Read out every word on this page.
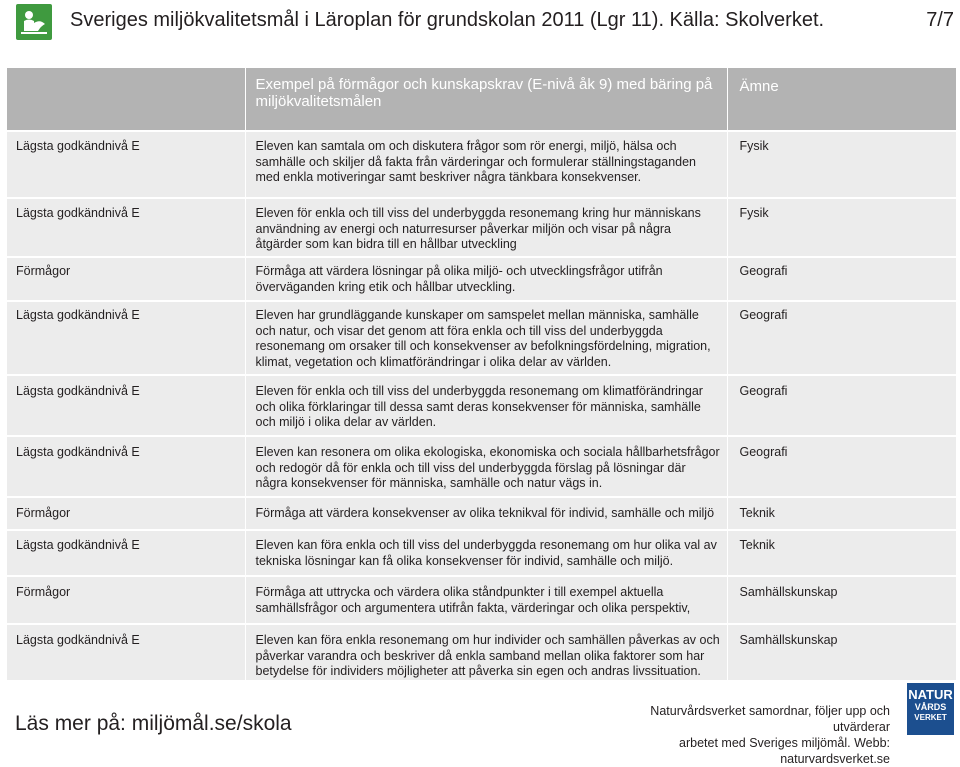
Sveriges miljökvalitetsmål i Läroplan för grundskolan 2011 (Lgr 11). Källa: Skolverket.	7/7
	Exempel på förmågor och kunskapskrav (E-nivå åk 9) med bäring på miljökvalitetsmålen	Ämne
Lägsta godkändnivå E	Eleven kan samtala om och diskutera frågor som rör energi, miljö, hälsa och samhälle och skiljer då fakta från värderingar och formulerar ställningstaganden med enkla motiveringar samt beskriver några tänkbara konsekvenser.	Fysik
Lägsta godkändnivå E	Eleven för enkla och till viss del underbyggda resonemang kring hur människans användning av energi och naturresurser påverkar miljön och visar på några åtgärder som kan bidra till en hållbar utveckling	Fysik
Förmågor	Förmåga att värdera lösningar på olika miljö- och utvecklingsfrågor utifrån överväganden kring etik och hållbar utveckling.	Geografi
Lägsta godkändnivå E	Eleven har grundläggande kunskaper om samspelet mellan människa, samhälle och natur, och visar det genom att föra enkla och till viss del underbyggda resonemang om orsaker till och konsekvenser av befolkningsfördelning, migration, klimat, vegetation och klimatförändringar i olika delar av världen.	Geografi
Lägsta godkändnivå E	Eleven för enkla och till viss del underbyggda resonemang om klimatförändringar och olika förklaringar till dessa samt deras konsekvenser för människa, samhälle och miljö i olika delar av världen.	Geografi
Lägsta godkändnivå E	Eleven kan resonera om olika ekologiska, ekonomiska och sociala hållbarhetsfrågor och redogör då för enkla och till viss del underbyggda förslag på lösningar där några konsekvenser för människa, samhälle och natur vägs in.	Geografi
Förmågor	Förmåga att värdera konsekvenser av olika teknikval för individ, samhälle och miljö	Teknik
Lägsta godkändnivå E	Eleven kan föra enkla och till viss del underbyggda resonemang om hur olika val av tekniska lösningar kan få olika konsekvenser för individ, samhälle och miljö.	Teknik
Förmågor	Förmåga att uttrycka och värdera olika ståndpunkter i till exempel aktuella samhällsfrågor och argumentera utifrån fakta, värderingar och olika perspektiv,	Samhällskunskap
Lägsta godkändnivå E	Eleven kan föra enkla resonemang om hur individer och samhällen påverkas av och påverkar varandra och beskriver då enkla samband mellan olika faktorer som har betydelse för individers möjligheter att påverka sin egen och andras livssituation.	Samhällskunskap
Läs mer på: miljömål.se/skola
Naturvårdsverket samordnar, följer upp och utvärderar
arbetet med Sveriges miljömål. Webb: naturvardsverket.se
NATUR
VÅRDS
VERKET
